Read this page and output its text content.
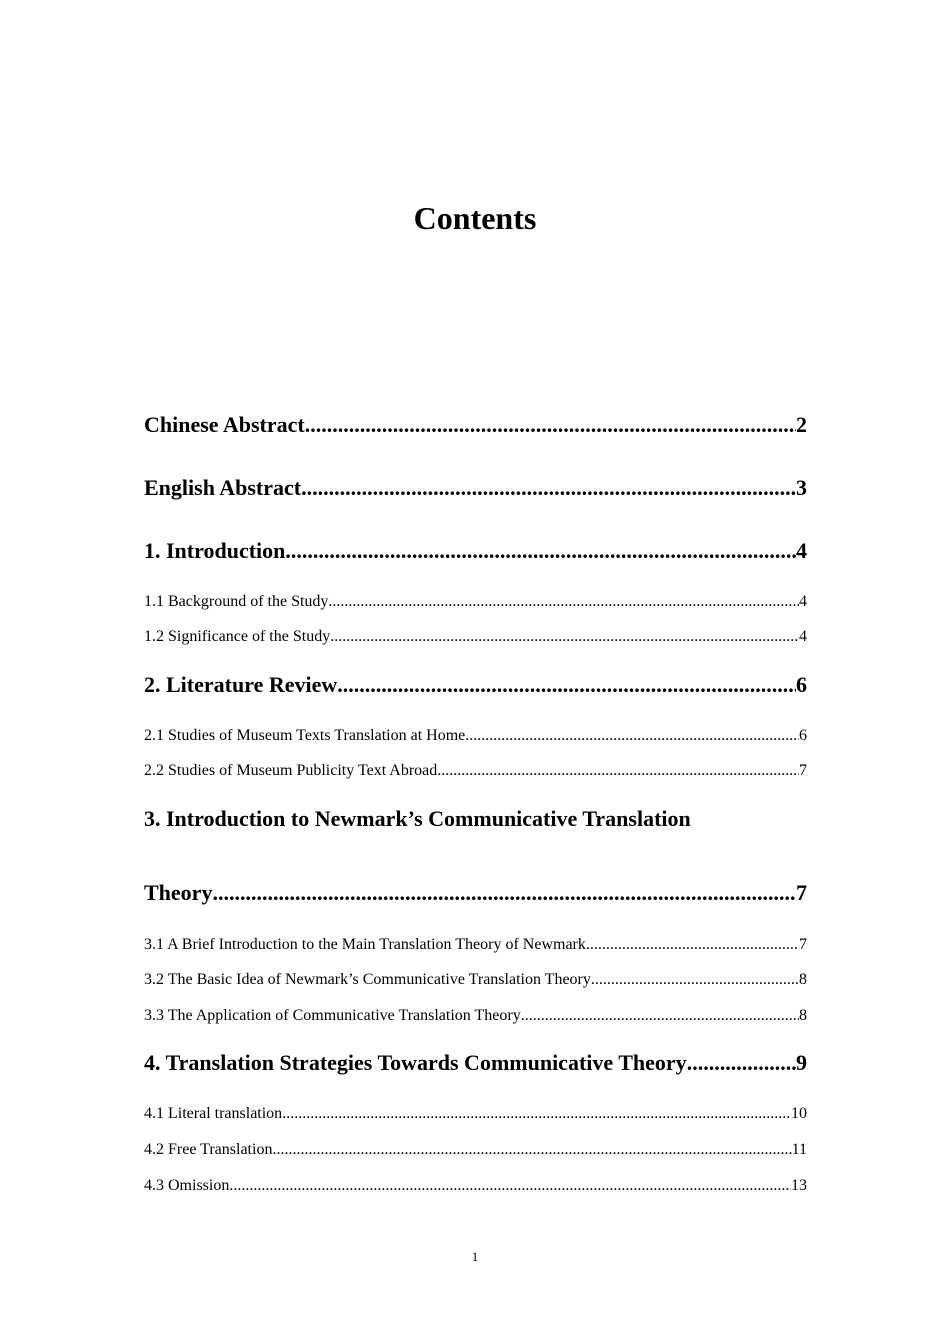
Contents
Chinese Abstract .....	2
English Abstract .....	3
1. Introduction .....	4
1.1 Background of the Study .....	4
1.2 Significance of the Study .....	4
2. Literature Review .....	6
2.1 Studies of Museum Texts Translation at Home .....	6
2.2 Studies of Museum Publicity Text Abroad .....	7
3. Introduction to Newmark’s Communicative Translation
Theory .....	7
3.1 A Brief Introduction to the Main Translation Theory of Newmark .....	7
3.2 The Basic Idea of Newmark’s Communicative Translation Theory .....	8
3.3 The Application of Communicative Translation Theory .....	8
4. Translation Strategies Towards Communicative Theory .....	9
4.1 Literal translation .....	10
4.2 Free Translation .....	11
4.3 Omission .....	13
1
